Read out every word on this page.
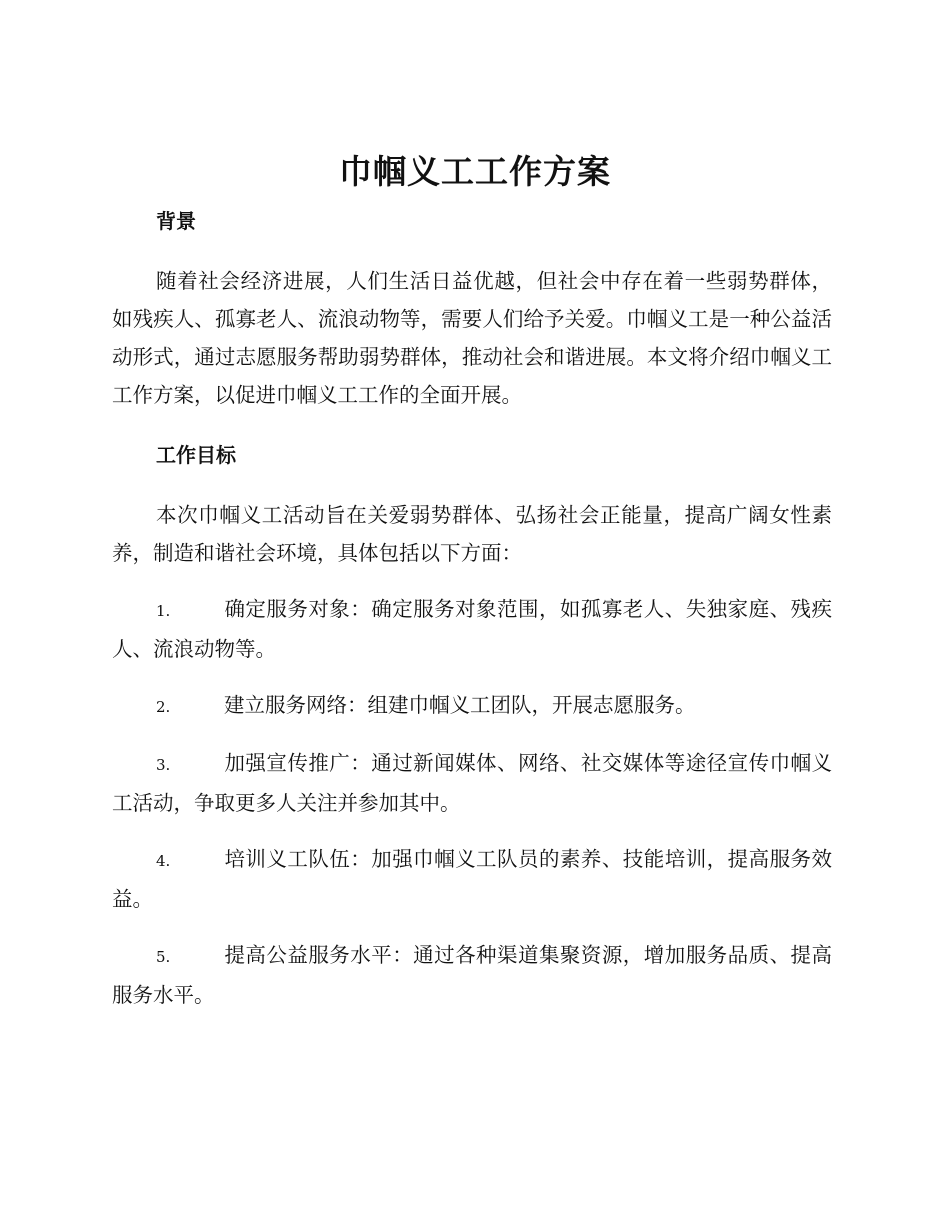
巾帼义工工作方案
背景

随着社会经济进展，人们生活日益优越，但社会中存在着一些弱势群体，如残疾人、孤寡老人、流浪动物等，需要人们给予关爱。巾帼义工是一种公益活动形式，通过志愿服务帮助弱势群体，推动社会和谐进展。本文将介绍巾帼义工工作方案，以促进巾帼义工工作的全面开展。

工作目标

本次巾帼义工活动旨在关爱弱势群体、弘扬社会正能量，提高广阔女性素养，制造和谐社会环境，具体包括以下方面：

1.	确定服务对象：确定服务对象范围，如孤寡老人、失独家庭、残疾人、流浪动物等。

2.	建立服务网络：组建巾帼义工团队，开展志愿服务。

3.	加强宣传推广：通过新闻媒体、网络、社交媒体等途径宣传巾帼义工活动，争取更多人关注并参加其中。

4.	培训义工队伍：加强巾帼义工队员的素养、技能培训，提高服务效益。

5.	提高公益服务水平：通过各种渠道集聚资源，增加服务品质、提高服务水平。
